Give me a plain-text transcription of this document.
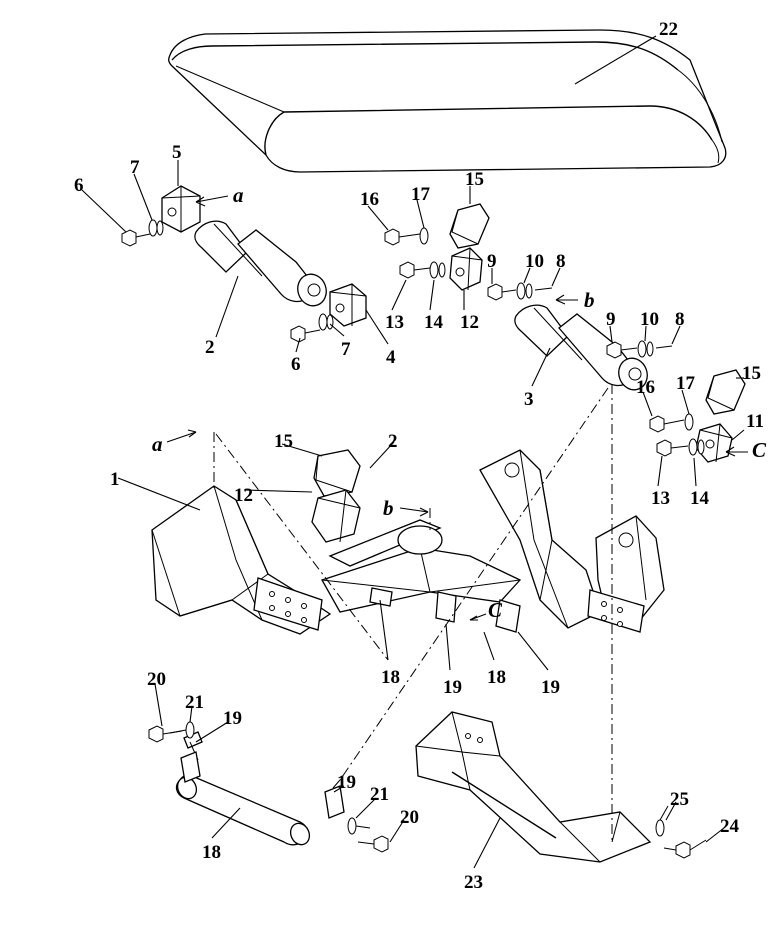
22
6
7
5
a	16 17
15
2
6
7 4
13 14 12
9 10 8
b
9 10 8
3
16 17 15
11
C
13 14
a	15	2
1
12
b
C
18 19 18 19
20
21
19
18
19
21
20
23
25
24
